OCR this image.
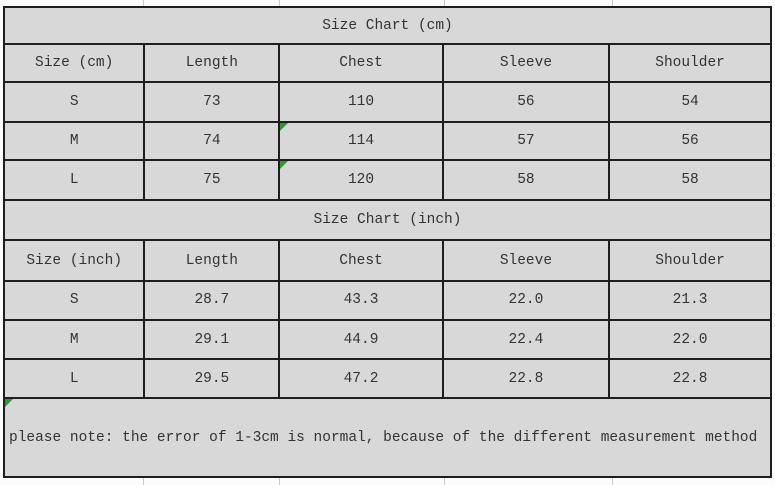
Size Chart (cm)				
Size (cm)	Length	Chest	Sleeve	Shoulder
S	73	110	56	54
M	74	114	57	56
L	75	120	58	58
Size Chart (inch)				
Size (inch)	Length	Chest	Sleeve	Shoulder
S	28.7	43.3	22.0	21.3
M	29.1	44.9	22.4	22.0
L	29.5	47.2	22.8	22.8

please note: the error of 1-3cm is normal, because of the different measurement method				
